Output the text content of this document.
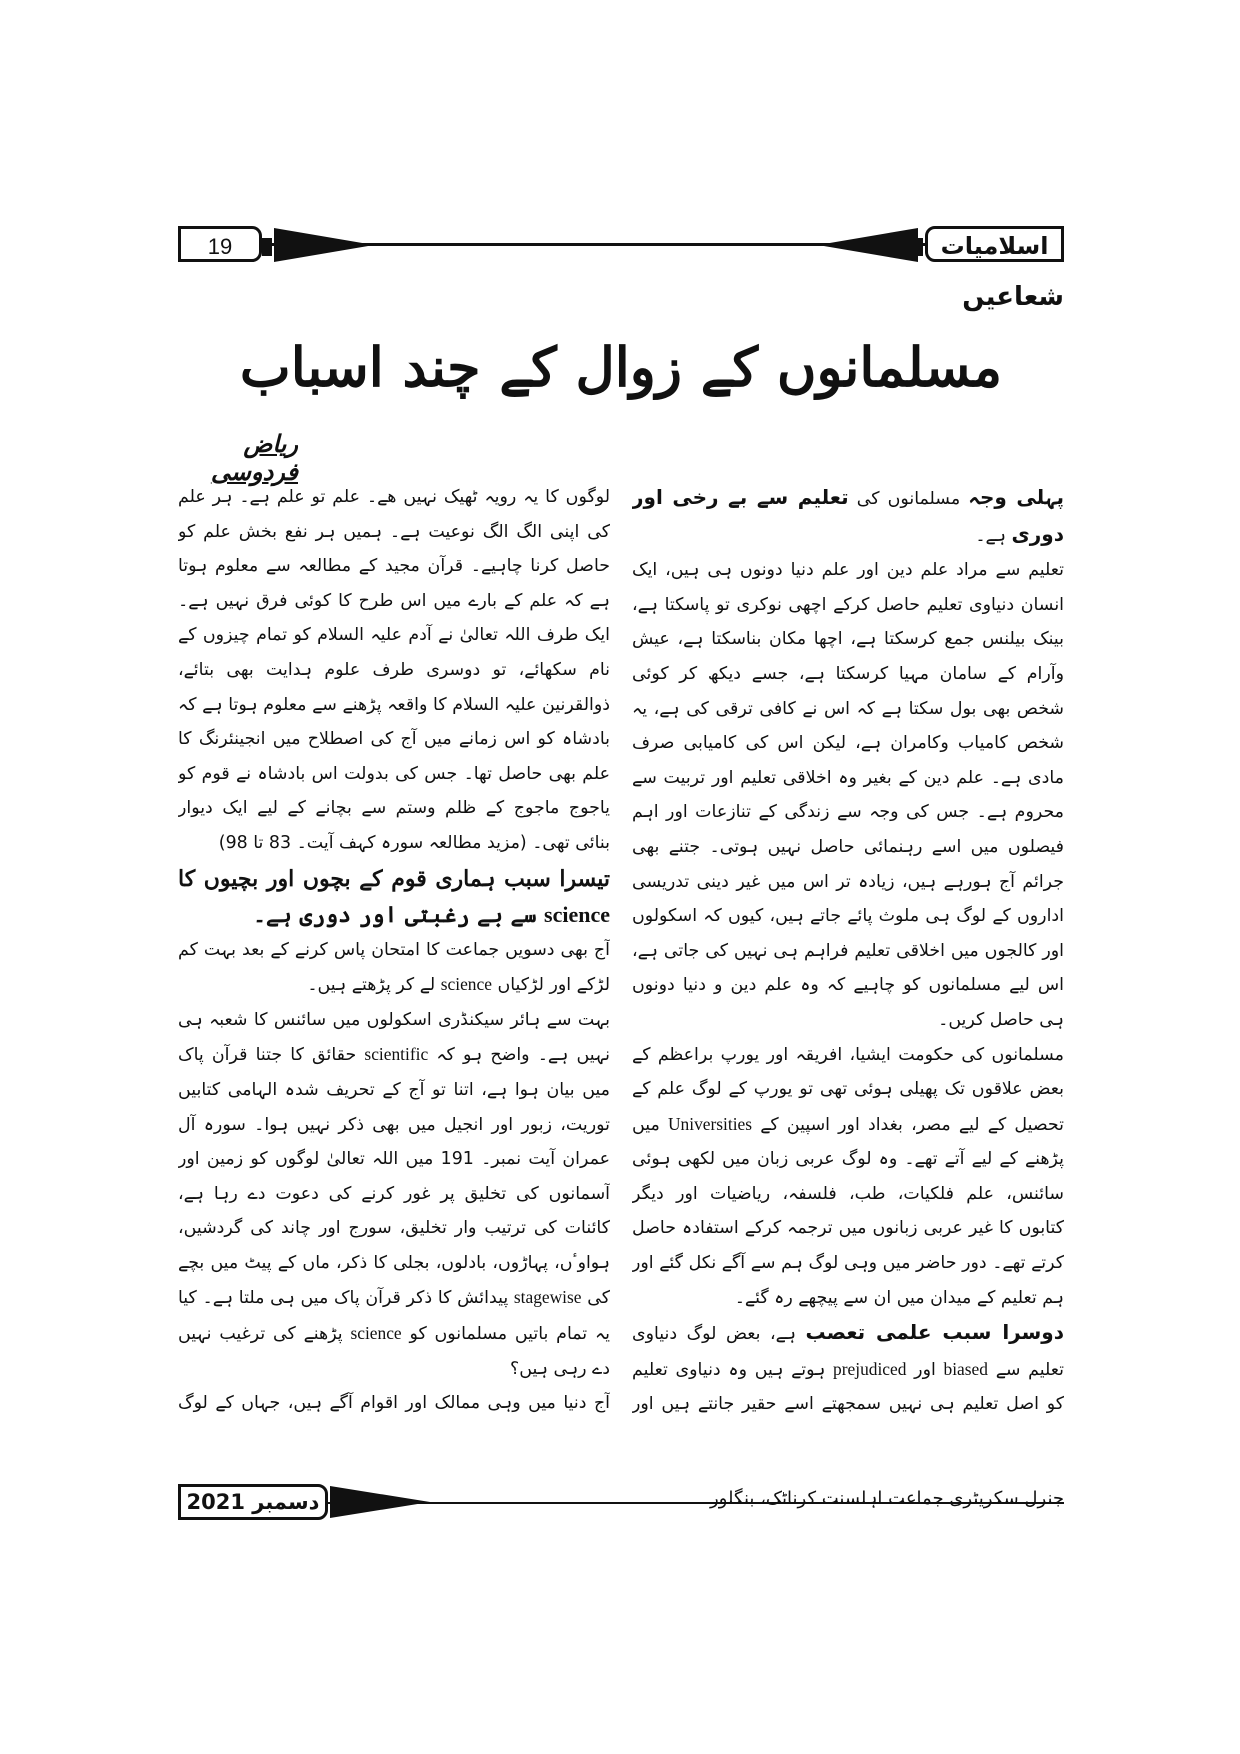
19	اسلامیات
شعاعیں
مسلمانوں کے زوال کے چند اسباب
ریاض فردوسی

پہلی وجہ مسلمانوں کی تعلیم سے بے رخی اور دوری ہے۔

تعلیم سے مراد علم دین اور علم دنیا دونوں ہی ہیں، ایک انسان دنیاوی تعلیم حاصل کرکے اچھی نوکری تو پاسکتا ہے، بینک بیلنس جمع کرسکتا ہے، اچھا مکان بناسکتا ہے، عیش وآرام کے سامان مہیا کرسکتا ہے، جسے دیکھ کر کوئی شخص بھی بول سکتا ہے کہ اس نے کافی ترقی کی ہے، یہ شخص کامیاب وکامران ہے، لیکن اس کی کامیابی صرف مادی ہے۔ علم دین کے بغیر وہ اخلاقی تعلیم اور تربیت سے محروم ہے۔ جس کی وجہ سے زندگی کے تنازعات اور اہم فیصلوں میں اسے رہنمائی حاصل نہیں ہوتی۔ جتنے بھی جرائم آج ہورہے ہیں، زیادہ تر اس میں غیر دینی تدریسی اداروں کے لوگ ہی ملوث پائے جاتے ہیں، کیوں کہ اسکولوں اور کالجوں میں اخلاقی تعلیم فراہم ہی نہیں کی جاتی ہے، اس لیے مسلمانوں کو چاہیے کہ وہ علم دین و دنیا دونوں ہی حاصل کریں۔

مسلمانوں کی حکومت ایشیا، افریقہ اور یورپ براعظم کے بعض علاقوں تک پھیلی ہوئی تھی تو یورپ کے لوگ علم کے تحصیل کے لیے مصر، بغداد اور اسپین کے Universities میں پڑھنے کے لیے آتے تھے۔ وہ لوگ عربی زبان میں لکھی ہوئی سائنس، علم فلکیات، طب، فلسفہ، ریاضیات اور دیگر کتابوں کا غیر عربی زبانوں میں ترجمہ کرکے استفادہ حاصل کرتے تھے۔ دور حاضر میں وہی لوگ ہم سے آگے نکل گئے اور ہم تعلیم کے میدان میں ان سے پیچھے رہ گئے۔

دوسرا سبب علمی تعصب ہے، بعض لوگ دنیاوی تعلیم سے biased اور prejudiced ہوتے ہیں وہ دنیاوی تعلیم کو اصل تعلیم ہی نہیں سمجھتے اسے حقیر جانتے ہیں اور

لوگوں کا یہ رویہ ٹھیک نہیں ھے۔ علم تو علم ہے۔ ہر علم کی اپنی الگ الگ نوعیت ہے۔ ہمیں ہر نفع بخش علم کو حاصل کرنا چاہیے۔ قرآن مجید کے مطالعہ سے معلوم ہوتا ہے کہ علم کے بارے میں اس طرح کا کوئی فرق نہیں ہے۔ ایک طرف اللہ تعالیٰ نے آدم علیہ السلام کو تمام چیزوں کے نام سکھائے، تو دوسری طرف علوم ہدایت بھی بتائے، ذوالقرنین علیہ السلام کا واقعہ پڑھنے سے معلوم ہوتا ہے کہ بادشاہ کو اس زمانے میں آج کی اصطلاح میں انجینئرنگ کا علم بھی حاصل تھا۔ جس کی بدولت اس بادشاہ نے قوم کو یاجوج ماجوج کے ظلم وستم سے بچانے کے لیے ایک دیوار بنائی تھی۔ (مزید مطالعہ سورہ کہف آیت۔ 83 تا 98)

تیسرا سبب ہماری قوم کے بچوں اور بچیوں کا science سے بے رغبتی اور دوری ہے۔

آج بھی دسویں جماعت کا امتحان پاس کرنے کے بعد بہت کم لڑکے اور لڑکیاں science لے کر پڑھتے ہیں۔

بہت سے ہائر سیکنڈری اسکولوں میں سائنس کا شعبہ ہی نہیں ہے۔ واضح ہو کہ scientific حقائق کا جتنا قرآن پاک میں بیان ہوا ہے، اتنا تو آج کے تحریف شدہ الہامی کتابیں توریت، زبور اور انجیل میں بھی ذکر نہیں ہوا۔ سورہ آل عمران آیت نمبر۔ 191 میں اللہ تعالیٰ لوگوں کو زمین اور آسمانوں کی تخلیق پر غور کرنے کی دعوت دے رہا ہے، کائنات کی ترتیب وار تخلیق، سورج اور چاند کی گردشیں، ہواوٴں، پہاڑوں، بادلوں، بجلی کا ذکر، ماں کے پیٹ میں بچے کی stagewise پیدائش کا ذکر قرآن پاک میں ہی ملتا ہے۔ کیا یہ تمام باتیں مسلمانوں کو science پڑھنے کی ترغیب نہیں دے رہی ہیں؟

آج دنیا میں وہی ممالک اور اقوام آگے ہیں، جہاں کے لوگ

دسمبر 2021	جنرل سکریٹری جماعت اہلسنت کرناٹک، بنگلور
